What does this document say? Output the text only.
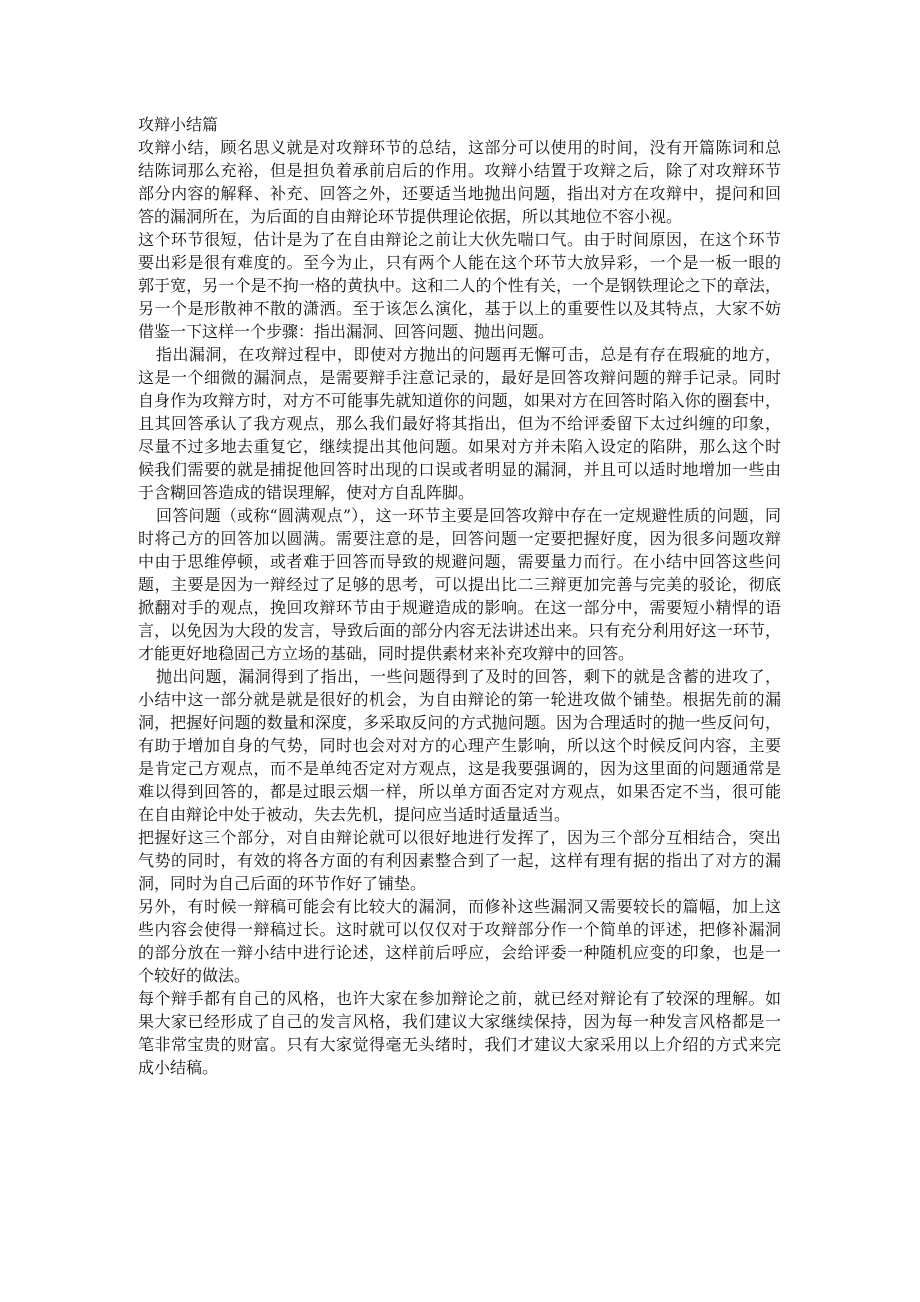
攻辩小结篇
攻辩小结，顾名思义就是对攻辩环节的总结，这部分可以使用的时间，没有开篇陈词和总
结陈词那么充裕，但是担负着承前启后的作用。攻辩小结置于攻辩之后，除了对攻辩环节
部分内容的解释、补充、回答之外，还要适当地抛出问题，指出对方在攻辩中，提问和回
答的漏洞所在，为后面的自由辩论环节提供理论依据，所以其地位不容小视。
这个环节很短，估计是为了在自由辩论之前让大伙先喘口气。由于时间原因，在这个环节
要出彩是很有难度的。至今为止，只有两个人能在这个环节大放异彩，一个是一板一眼的
郭于宽，另一个是不拘一格的黄执中。这和二人的个性有关，一个是钢铁理论之下的章法，
另一个是形散神不散的潇洒。至于该怎么演化，基于以上的重要性以及其特点，大家不妨
借鉴一下这样一个步骤：指出漏洞、回答问题、抛出问题。
指出漏洞，在攻辩过程中，即使对方抛出的问题再无懈可击，总是有存在瑕疵的地方，
这是一个细微的漏洞点，是需要辩手注意记录的，最好是回答攻辩问题的辩手记录。同时
自身作为攻辩方时，对方不可能事先就知道你的问题，如果对方在回答时陷入你的圈套中，
且其回答承认了我方观点，那么我们最好将其指出，但为不给评委留下太过纠缠的印象，
尽量不过多地去重复它，继续提出其他问题。如果对方并未陷入设定的陷阱，那么这个时
候我们需要的就是捕捉他回答时出现的口误或者明显的漏洞，并且可以适时地增加一些由
于含糊回答造成的错误理解，使对方自乱阵脚。
回答问题（或称“圆满观点”），这一环节主要是回答攻辩中存在一定规避性质的问题，同
时将己方的回答加以圆满。需要注意的是，回答问题一定要把握好度，因为很多问题攻辩
中由于思维停顿，或者难于回答而导致的规避问题，需要量力而行。在小结中回答这些问
题，主要是因为一辩经过了足够的思考，可以提出比二三辩更加完善与完美的驳论，彻底
掀翻对手的观点，挽回攻辩环节由于规避造成的影响。在这一部分中，需要短小精悍的语
言，以免因为大段的发言，导致后面的部分内容无法讲述出来。只有充分利用好这一环节，
才能更好地稳固己方立场的基础，同时提供素材来补充攻辩中的回答。
抛出问题，漏洞得到了指出，一些问题得到了及时的回答，剩下的就是含蓄的进攻了，
小结中这一部分就是就是很好的机会，为自由辩论的第一轮进攻做个铺垫。根据先前的漏
洞，把握好问题的数量和深度，多采取反问的方式抛问题。因为合理适时的抛一些反问句，
有助于增加自身的气势，同时也会对对方的心理产生影响，所以这个时候反问内容，主要
是肯定己方观点，而不是单纯否定对方观点，这是我要强调的，因为这里面的问题通常是
难以得到回答的，都是过眼云烟一样，所以单方面否定对方观点，如果否定不当，很可能
在自由辩论中处于被动，失去先机，提问应当适时适量适当。
把握好这三个部分，对自由辩论就可以很好地进行发挥了，因为三个部分互相结合，突出
气势的同时，有效的将各方面的有利因素整合到了一起，这样有理有据的指出了对方的漏
洞，同时为自己后面的环节作好了铺垫。
另外，有时候一辩稿可能会有比较大的漏洞，而修补这些漏洞又需要较长的篇幅，加上这
些内容会使得一辩稿过长。这时就可以仅仅对于攻辩部分作一个简单的评述，把修补漏洞
的部分放在一辩小结中进行论述，这样前后呼应，会给评委一种随机应变的印象，也是一
个较好的做法。
每个辩手都有自己的风格，也许大家在参加辩论之前，就已经对辩论有了较深的理解。如
果大家已经形成了自己的发言风格，我们建议大家继续保持，因为每一种发言风格都是一
笔非常宝贵的财富。只有大家觉得毫无头绪时，我们才建议大家采用以上介绍的方式来完
成小结稿。
